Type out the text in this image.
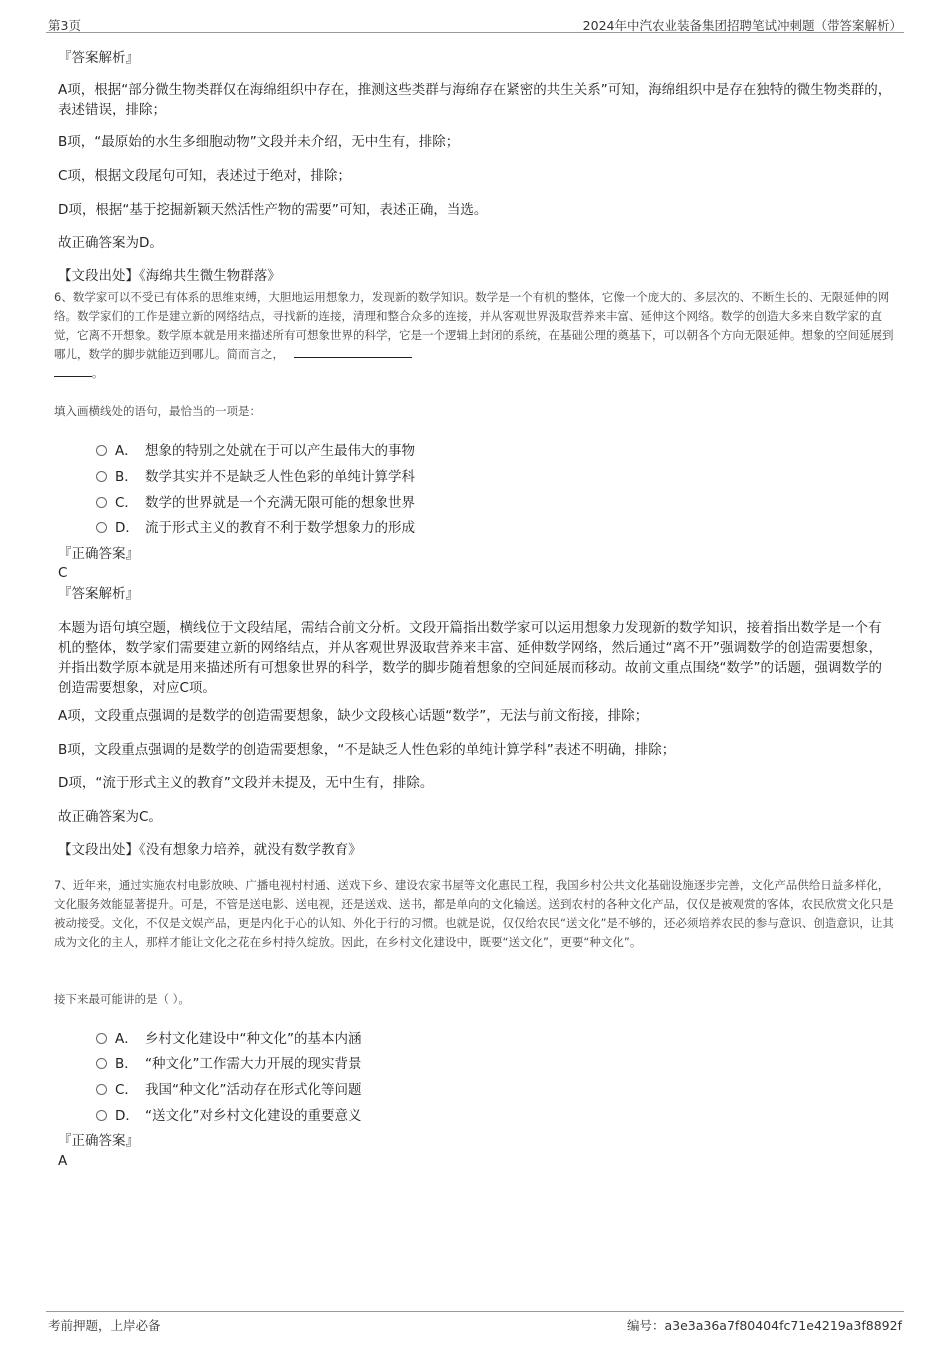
第3页	2024年中汽农业装备集团招聘笔试冲刺题（带答案解析）
『答案解析』
A项，根据“部分微生物类群仅在海绵组织中存在，推测这些类群与海绵存在紧密的共生关系”可知，海绵组织中是存在独特的微生物类群的，表述错误，排除；
B项，“最原始的水生多细胞动物”文段并未介绍，无中生有，排除；
C项，根据文段尾句可知，表述过于绝对，排除；
D项，根据“基于挖掘新颖天然活性产物的需要”可知，表述正确，当选。
故正确答案为D。
【文段出处】《海绵共生微生物群落》
6、数学家可以不受已有体系的思维束缚，大胆地运用想象力，发现新的数学知识。数学是一个有机的整体，它像一个庞大的、多层次的、不断生长的、无限延伸的网络。数学家们的工作是建立新的网络结点，寻找新的连接，清理和整合众多的连接，并从客观世界汲取营养来丰富、延伸这个网络。数学的创造大多来自数学家的直觉，它离不开想象。数学原本就是用来描述所有可想象世界的科学，它是一个逻辑上封闭的系统，在基础公理的奠基下，可以朝各个方向无限延伸。想象的空间延展到哪儿，数学的脚步就能迈到哪儿。简而言之，
。
填入画横线处的语句，最恰当的一项是：
A． 想象的特别之处就在于可以产生最伟大的事物
B． 数学其实并不是缺乏人性色彩的单纯计算学科
C． 数学的世界就是一个充满无限可能的想象世界
D． 流于形式主义的教育不利于数学想象力的形成
『正确答案』
C
『答案解析』
本题为语句填空题，横线位于文段结尾，需结合前文分析。文段开篇指出数学家可以运用想象力发现新的数学知识，接着指出数学是一个有机的整体，数学家们需要建立新的网络结点，并从客观世界汲取营养来丰富、延伸数学网络，然后通过“离不开”强调数学的创造需要想象，并指出数学原本就是用来描述所有可想象世界的科学，数学的脚步随着想象的空间延展而移动。故前文重点围绕“数学”的话题，强调数学的创造需要想象，对应C项。
A项，文段重点强调的是数学的创造需要想象，缺少文段核心话题“数学”，无法与前文衔接，排除；
B项，文段重点强调的是数学的创造需要想象，“不是缺乏人性色彩的单纯计算学科”表述不明确，排除；
D项，“流于形式主义的教育”文段并未提及，无中生有，排除。
故正确答案为C。
【文段出处】《没有想象力培养，就没有数学教育》
7、近年来，通过实施农村电影放映、广播电视村村通、送戏下乡、建设农家书屋等文化惠民工程，我国乡村公共文化基础设施逐步完善，文化产品供给日益多样化，文化服务效能显著提升。可是，不管是送电影、送电视，还是送戏、送书，都是单向的文化输送。送到农村的各种文化产品，仅仅是被观赏的客体，农民欣赏文化只是被动接受。文化，不仅是文娱产品，更是内化于心的认知、外化于行的习惯。也就是说，仅仅给农民“送文化”是不够的，还必须培养农民的参与意识、创造意识，让其成为文化的主人，那样才能让文化之花在乡村持久绽放。因此，在乡村文化建设中，既要“送文化”，更要“种文化”。
接下来最可能讲的是（ ）。
A． 乡村文化建设中“种文化”的基本内涵
B． “种文化”工作需大力开展的现实背景
C． 我国“种文化”活动存在形式化等问题
D． “送文化”对乡村文化建设的重要意义
『正确答案』
A
考前押题，上岸必备	编号：a3e3a36a7f80404fc71e4219a3f8892f
